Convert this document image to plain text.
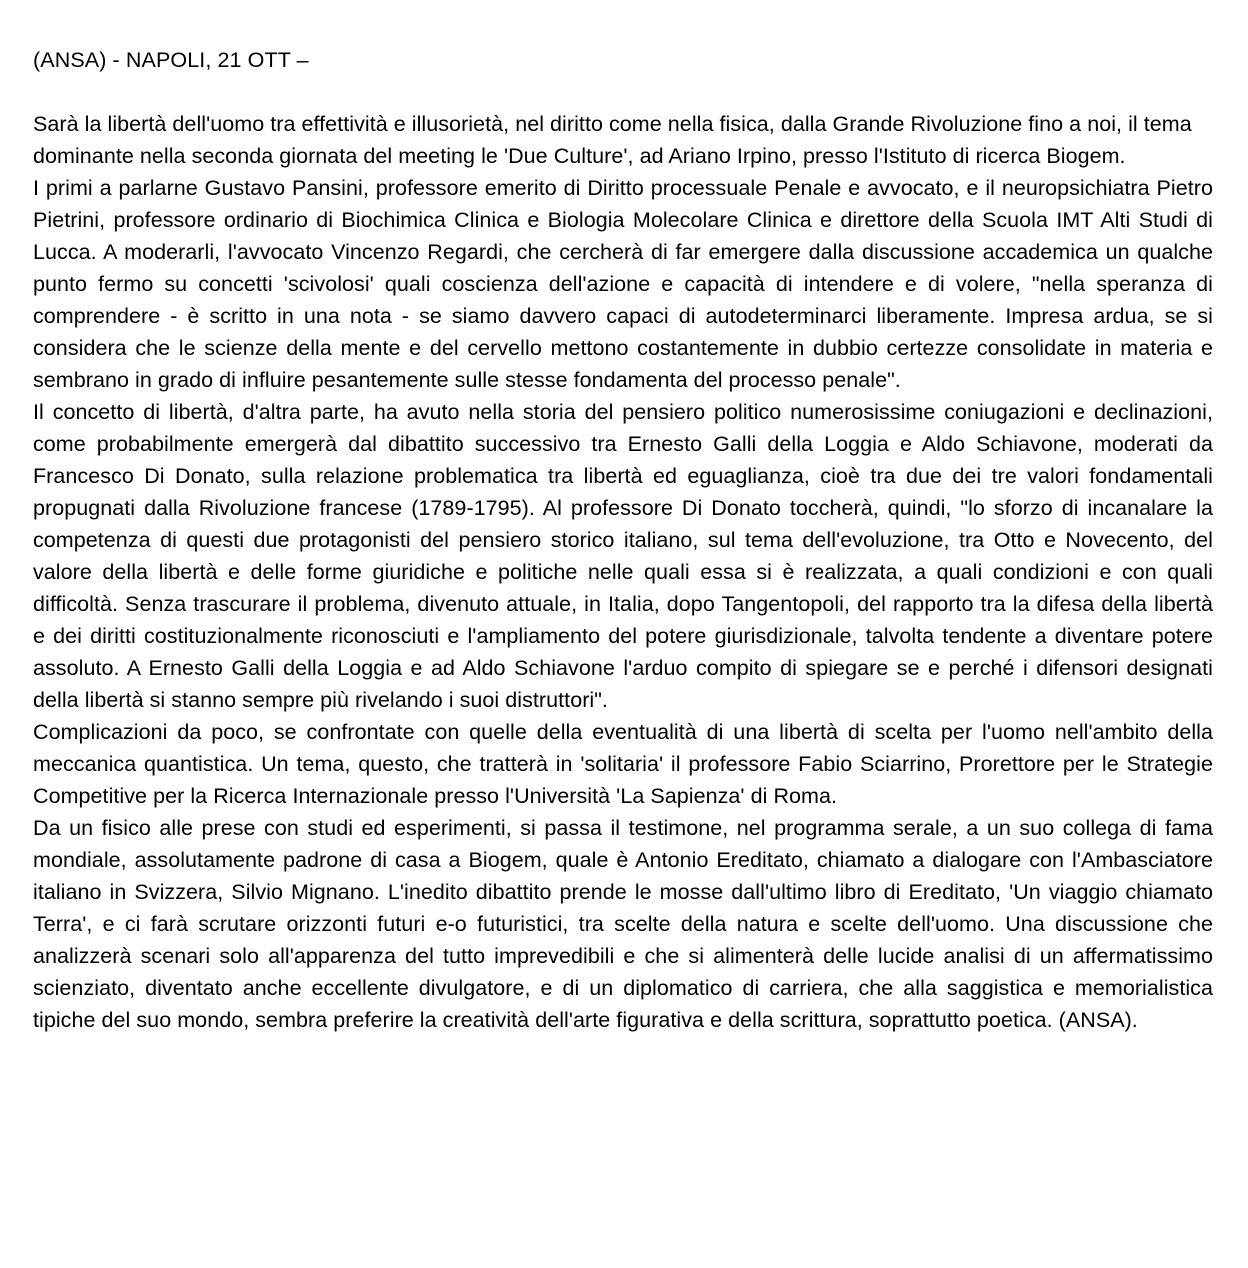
(ANSA) - NAPOLI, 21 OTT –

Sarà la libertà dell'uomo tra effettività e illusorietà, nel diritto come nella fisica, dalla Grande Rivoluzione fino a noi, il tema dominante nella seconda giornata del meeting le 'Due Culture', ad Ariano Irpino, presso l'Istituto di ricerca Biogem.

I primi a parlarne Gustavo Pansini, professore emerito di Diritto processuale Penale e avvocato, e il neuropsichiatra Pietro Pietrini, professore ordinario di Biochimica Clinica e Biologia Molecolare Clinica e direttore della Scuola IMT Alti Studi di Lucca. A moderarli, l'avvocato Vincenzo Regardi, che cercherà di far emergere dalla discussione accademica un qualche punto fermo su concetti 'scivolosi' quali coscienza dell'azione e capacità di intendere e di volere, "nella speranza di comprendere - è scritto in una nota - se siamo davvero capaci di autodeterminarci liberamente. Impresa ardua, se si considera che le scienze della mente e del cervello mettono costantemente in dubbio certezze consolidate in materia e sembrano in grado di influire pesantemente sulle stesse fondamenta del processo penale".

Il concetto di libertà, d'altra parte, ha avuto nella storia del pensiero politico numerosissime coniugazioni e declinazioni, come probabilmente emergerà dal dibattito successivo tra Ernesto Galli della Loggia e Aldo Schiavone, moderati da Francesco Di Donato, sulla relazione problematica tra libertà ed eguaglianza, cioè tra due dei tre valori fondamentali propugnati dalla Rivoluzione francese (1789-1795). Al professore Di Donato toccherà, quindi, "lo sforzo di incanalare la competenza di questi due protagonisti del pensiero storico italiano, sul tema dell'evoluzione, tra Otto e Novecento, del valore della libertà e delle forme giuridiche e politiche nelle quali essa si è realizzata, a quali condizioni e con quali difficoltà. Senza trascurare il problema, divenuto attuale, in Italia, dopo Tangentopoli, del rapporto tra la difesa della libertà e dei diritti costituzionalmente riconosciuti e l'ampliamento del potere giurisdizionale, talvolta tendente a diventare potere assoluto. A Ernesto Galli della Loggia e ad Aldo Schiavone l'arduo compito di spiegare se e perché i difensori designati della libertà si stanno sempre più rivelando i suoi distruttori".

Complicazioni da poco, se confrontate con quelle della eventualità di una libertà di scelta per l'uomo nell'ambito della meccanica quantistica. Un tema, questo, che tratterà in 'solitaria' il professore Fabio Sciarrino, Prorettore per le Strategie Competitive per la Ricerca Internazionale presso l'Università 'La Sapienza' di Roma.

Da un fisico alle prese con studi ed esperimenti, si passa il testimone, nel programma serale, a un suo collega di fama mondiale, assolutamente padrone di casa a Biogem, quale è Antonio Ereditato, chiamato a dialogare con l'Ambasciatore italiano in Svizzera, Silvio Mignano. L'inedito dibattito prende le mosse dall'ultimo libro di Ereditato, 'Un viaggio chiamato Terra', e ci farà scrutare orizzonti futuri e-o futuristici, tra scelte della natura e scelte dell'uomo. Una discussione che analizzerà scenari solo all'apparenza del tutto imprevedibili e che si alimenterà delle lucide analisi di un affermatissimo scienziato, diventato anche eccellente divulgatore, e di un diplomatico di carriera, che alla saggistica e memorialistica tipiche del suo mondo, sembra preferire la creatività dell'arte figurativa e della scrittura, soprattutto poetica. (ANSA).
